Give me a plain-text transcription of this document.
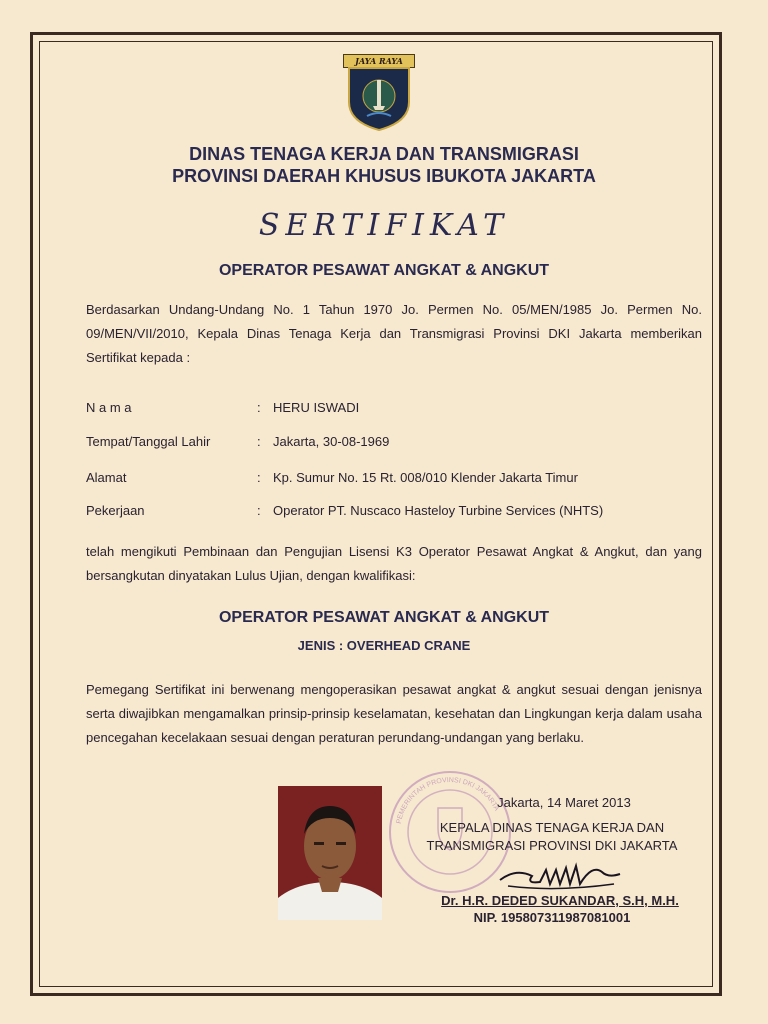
JAYA RAYA
DINAS TENAGA KERJA DAN TRANSMIGRASI
PROVINSI DAERAH KHUSUS IBUKOTA JAKARTA
SERTIFIKAT
OPERATOR PESAWAT ANGKAT & ANGKUT
Berdasarkan Undang-Undang No. 1 Tahun 1970 Jo. Permen No. 05/MEN/1985 Jo. Permen No. 09/MEN/VII/2010, Kepala Dinas Tenaga Kerja dan Transmigrasi Provinsi DKI Jakarta memberikan Sertifikat kepada :
N a m a	: HERU ISWADI
Tempat/Tanggal Lahir	: Jakarta, 30-08-1969
Alamat	: Kp. Sumur No. 15 Rt. 008/010 Klender Jakarta Timur
Pekerjaan	: Operator PT. Nuscaco Hasteloy Turbine Services (NHTS)
telah mengikuti Pembinaan dan Pengujian Lisensi K3 Operator Pesawat Angkat & Angkut, dan yang bersangkutan dinyatakan Lulus Ujian, dengan kwalifikasi:
OPERATOR PESAWAT ANGKAT & ANGKUT
JENIS : OVERHEAD CRANE
Pemegang Sertifikat ini berwenang mengoperasikan pesawat angkat & angkut sesuai dengan jenisnya serta diwajibkan mengamalkan prinsip-prinsip keselamatan, kesehatan dan Lingkungan kerja dalam usaha pencegahan kecelakaan sesuai dengan peraturan perundang-undangan yang berlaku.
PEMERINTAH PROVINSI DKI JAKARTA
Jakarta, 14 Maret 2013
KEPALA DINAS TENAGA KERJA DAN
TRANSMIGRASI PROVINSI DKI JAKARTA
Dr. H.R. DEDED SUKANDAR, S.H, M.H.
NIP. 195807311987081001
